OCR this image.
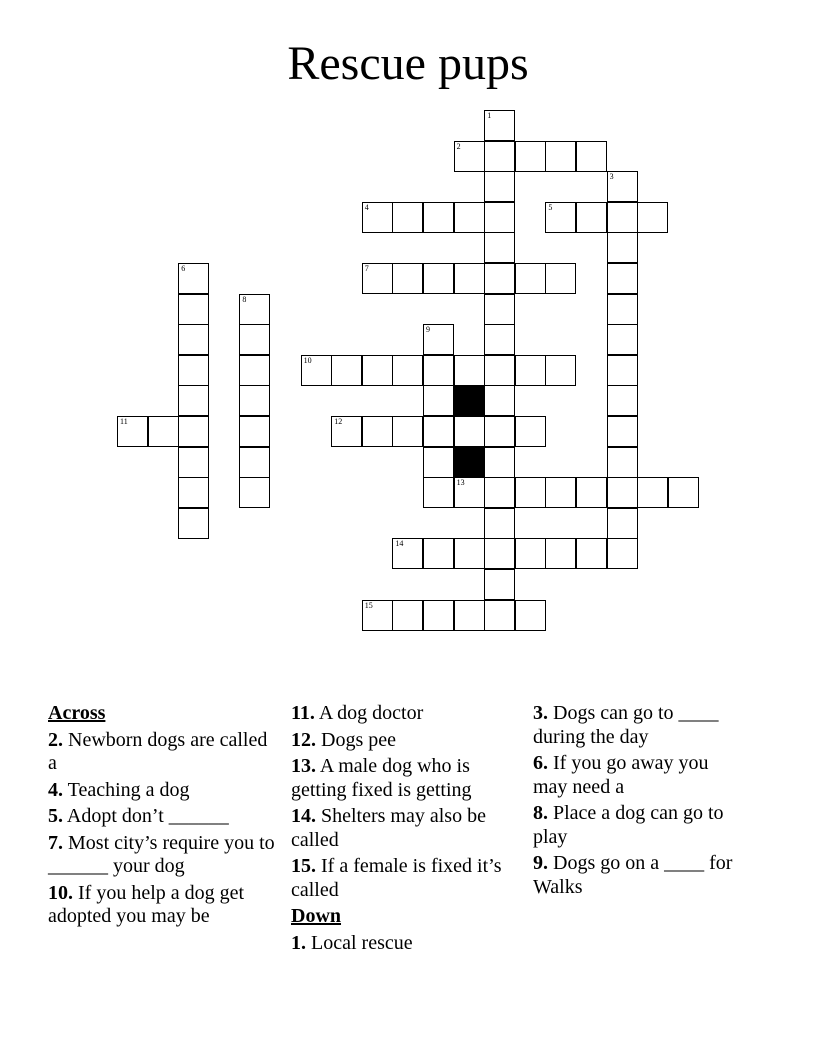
Rescue pups
1
2
3
4	5
6	7
8
9
10
11	12
13
14
15
Across
2. Newborn dogs are called a
4. Teaching a dog
5. Adopt don’t ______
7. Most city’s require you to ______ your dog
10. If you help a dog get adopted you may be
11. A dog doctor
12. Dogs pee
13. A male dog who is getting fixed is getting
14. Shelters may also be called
15. If a female is fixed it’s called
Down
1. Local rescue
3. Dogs can go to ____ during the day
6. If you go away you may need a
8. Place a dog can go to play
9. Dogs go on a ____ for Walks
